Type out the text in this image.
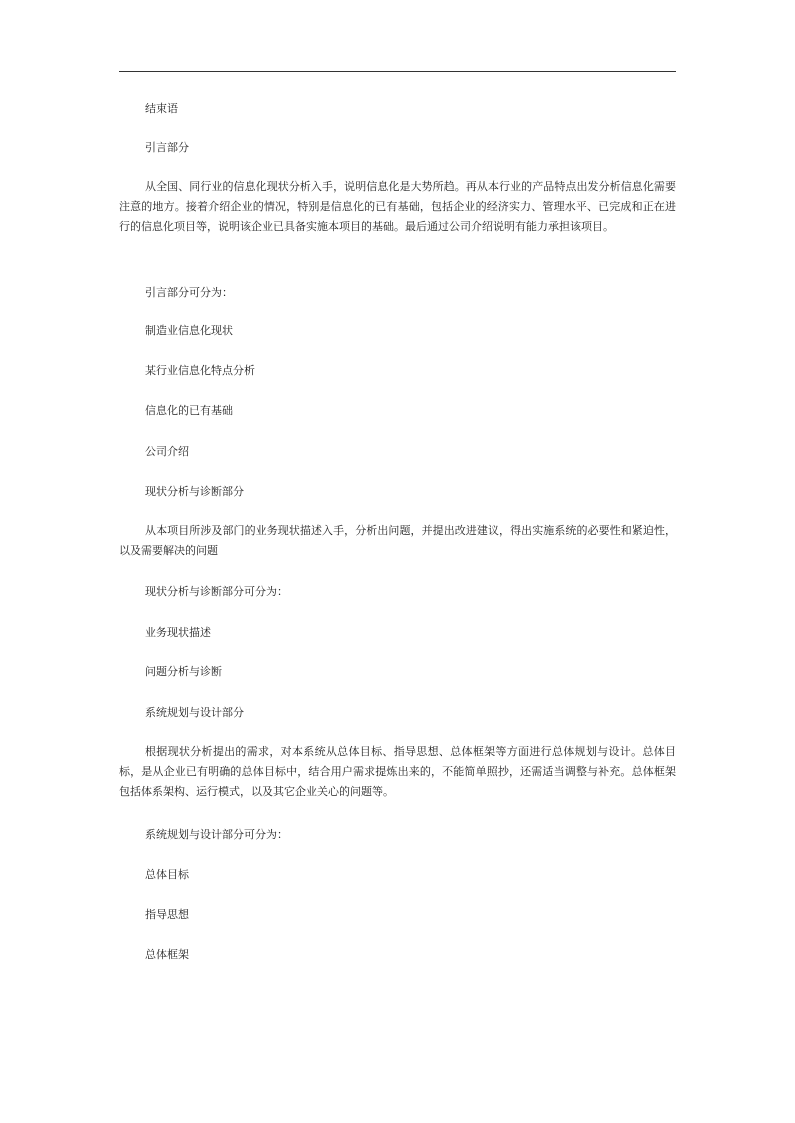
结束语
引言部分
从全国、同行业的信息化现状分析入手，说明信息化是大势所趋。再从本行业的产品特点出发分析信息化需要注意的地方。接着介绍企业的情况，特别是信息化的已有基础，包括企业的经济实力、管理水平、已完成和正在进行的信息化项目等，说明该企业已具备实施本项目的基础。最后通过公司介绍说明有能力承担该项目。
引言部分可分为：
制造业信息化现状
某行业信息化特点分析
信息化的已有基础
公司介绍
现状分析与诊断部分
从本项目所涉及部门的业务现状描述入手，分析出问题，并提出改进建议，得出实施系统的必要性和紧迫性，以及需要解决的问题
现状分析与诊断部分可分为：
业务现状描述
问题分析与诊断
系统规划与设计部分
根据现状分析提出的需求，对本系统从总体目标、指导思想、总体框架等方面进行总体规划与设计。总体目标，是从企业已有明确的总体目标中，结合用户需求提炼出来的，不能简单照抄，还需适当调整与补充。总体框架包括体系架构、运行模式，以及其它企业关心的问题等。
系统规划与设计部分可分为：
总体目标
指导思想
总体框架
